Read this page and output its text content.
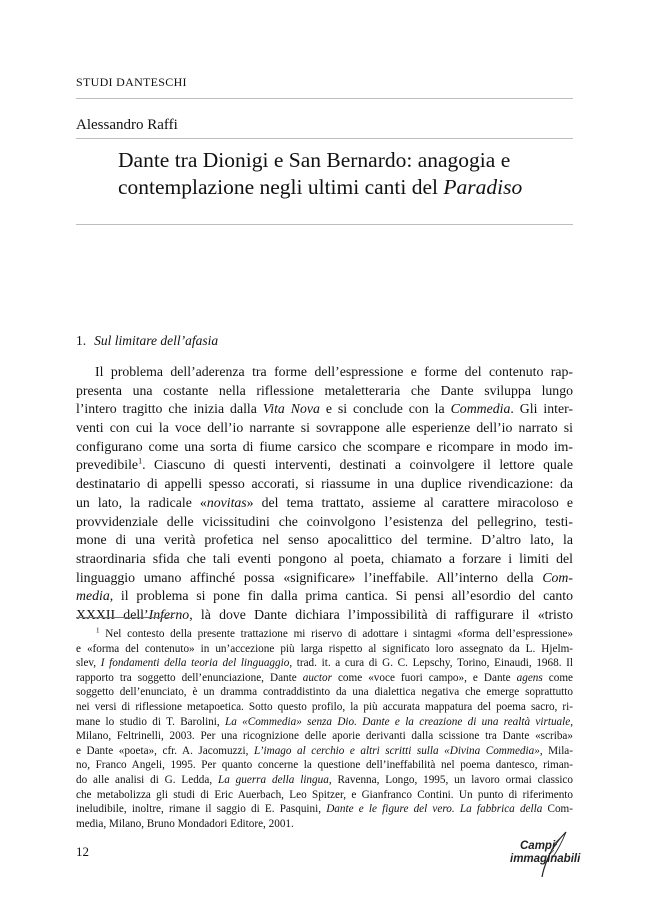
STUDI DANTESCHI
Alessandro Raffi
Dante tra Dionigi e San Bernardo: anagogia e
contemplazione negli ultimi canti del Paradiso
1. Sul limitare dell’afasia
Il problema dell’aderenza tra forme dell’espressione e forme del contenuto rap-
presenta una costante nella riflessione metaletteraria che Dante sviluppa lungo
l’intero tragitto che inizia dalla Vita Nova e si conclude con la Commedia. Gli inter-
venti con cui la voce dell’io narrante si sovrappone alle esperienze dell’io narrato si
configurano come una sorta di fiume carsico che scompare e ricompare in modo im-
prevedibile$^1$. Ciascuno di questi interventi, destinati a coinvolgere il lettore quale
destinatario di appelli spesso accorati, si riassume in una duplice rivendicazione: da
un lato, la radicale «novitas» del tema trattato, assieme al carattere miracoloso e
provvidenziale delle vicissitudini che coinvolgono l’esistenza del pellegrino, testi-
mone di una verità profetica nel senso apocalittico del termine. D’altro lato, la
straordinaria sfida che tali eventi pongono al poeta, chiamato a forzare i limiti del
linguaggio umano affinché possa «significare» l’ineffabile. All’interno della Com-
media, il problema si pone fin dalla prima cantica. Si pensi all’esordio del canto
XXXII dell’Inferno, là dove Dante dichiara l’impossibilità di raffigurare il «tristo
$^1$ Nel contesto della presente trattazione mi riservo di adottare i sintagmi «forma dell’espressione»
e «forma del contenuto» in un’accezione più larga rispetto al significato loro assegnato da L. Hjelm-
slev, I fondamenti della teoria del linguaggio, trad. it. a cura di G. C. Lepschy, Torino, Einaudi, 1968. Il
rapporto tra soggetto dell’enunciazione, Dante auctor come «voce fuori campo», e Dante agens come
soggetto dell’enunciato, è un dramma contraddistinto da una dialettica negativa che emerge soprattutto
nei versi di riflessione metapoetica. Sotto questo profilo, la più accurata mappatura del poema sacro, ri-
mane lo studio di T. Barolini, La «Commedia» senza Dio. Dante e la creazione di una realtà virtuale,
Milano, Feltrinelli, 2003. Per una ricognizione delle aporie derivanti dalla scissione tra Dante «scriba»
e Dante «poeta», cfr. A. Jacomuzzi, L’imago al cerchio e altri scritti sulla «Divina Commedia», Mila-
no, Franco Angeli, 1995. Per quanto concerne la questione dell’ineffabilità nel poema dantesco, riman-
do alle analisi di G. Ledda, La guerra della lingua, Ravenna, Longo, 1995, un lavoro ormai classico
che metabolizza gli studi di Eric Auerbach, Leo Spitzer, e Gianfranco Contini. Un punto di riferimento
ineludibile, inoltre, rimane il saggio di E. Pasquini, Dante e le figure del vero. La fabbrica della Com-
media, Milano, Bruno Mondadori Editore, 2001.
12	Campi
immaginabili
